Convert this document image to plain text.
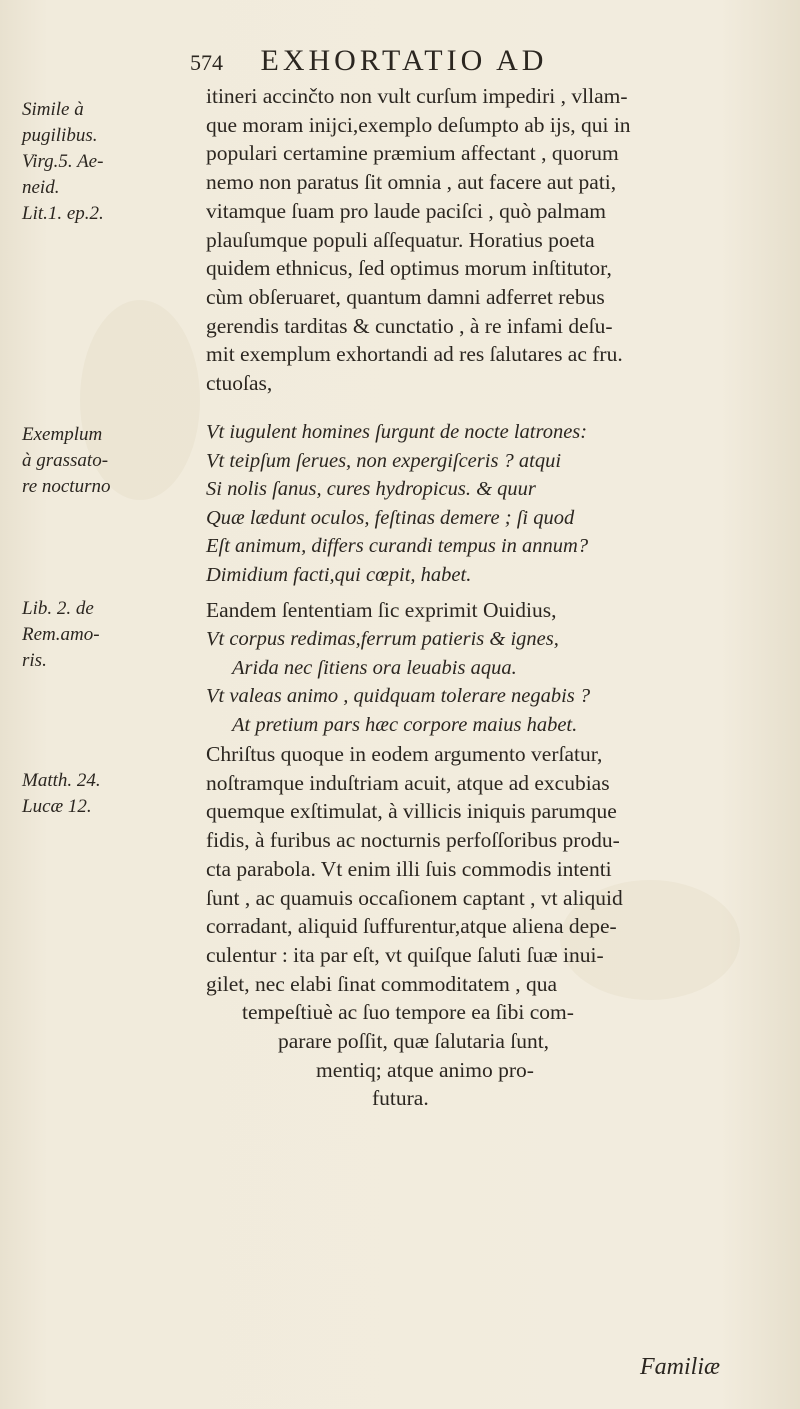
574 EXHORTATIO AD
Simile à
pugilibus.
Virg.5. Ae-
neid.
Lit.1. ep.2.
Exemplum
à grassato-
re nocturno
Lib. 2. de
Rem.amo-
ris.
Matth. 24.
Lucæ 12.
itineri accinčto non vult curſum impediri , vllam-
que moram inijci,exemplo deſumpto ab ijs, qui in
populari certamine præmium affectant , quorum
nemo non paratus ſit omnia , aut facere aut pati,
vitamque ſuam pro laude paciſci , quò palmam
plauſumque populi aſſequatur. Horatius poeta
quidem ethnicus, ſed optimus morum inſtitutor,
cùm obſeruaret, quantum damni adferret rebus
gerendis tarditas & cunctatio , à re infami deſu-
mit exemplum exhortandi ad res ſalutares ac fru.
ctuoſas,
Vt iugulent homines ſurgunt de nocte latrones:
Vt teipſum ſerues, non expergiſceris ? atqui
Si nolis ſanus, cures hydropicus. & quur
Quæ lædunt oculos, feſtinas demere ; ſi quod
Eſt animum, differs curandi tempus in annum?
Dimidium facti,qui cœpit, habet.
Eandem ſententiam ſic exprimit Ouidius,
Vt corpus redimas,ferrum patieris & ignes,
Arida nec ſitiens ora leuabis aqua.
Vt valeas animo , quidquam tolerare negabis ?
At pretium pars hæc corpore maius habet.
Chriſtus quoque in eodem argumento verſatur,
noſtramque induſtriam acuit, atque ad excubias
quemque exſtimulat, à villicis iniquis parumque
fidis, à furibus ac nocturnis perfoſſoribus produ-
cta parabola. Vt enim illi ſuis commodis intenti
ſunt , ac quamuis occaſionem captant , vt aliquid
corradant, aliquid ſuffurentur,atque aliena depe-
culentur : ita par eſt, vt quiſque ſaluti ſuæ inui-
gilet, nec elabi ſinat commoditatem , qua
tempeſtiuè ac ſuo tempore ea ſibi com-
parare poſſit, quæ ſalutaria ſunt,
mentiq; atque animo pro-
futura.
Familiæ
